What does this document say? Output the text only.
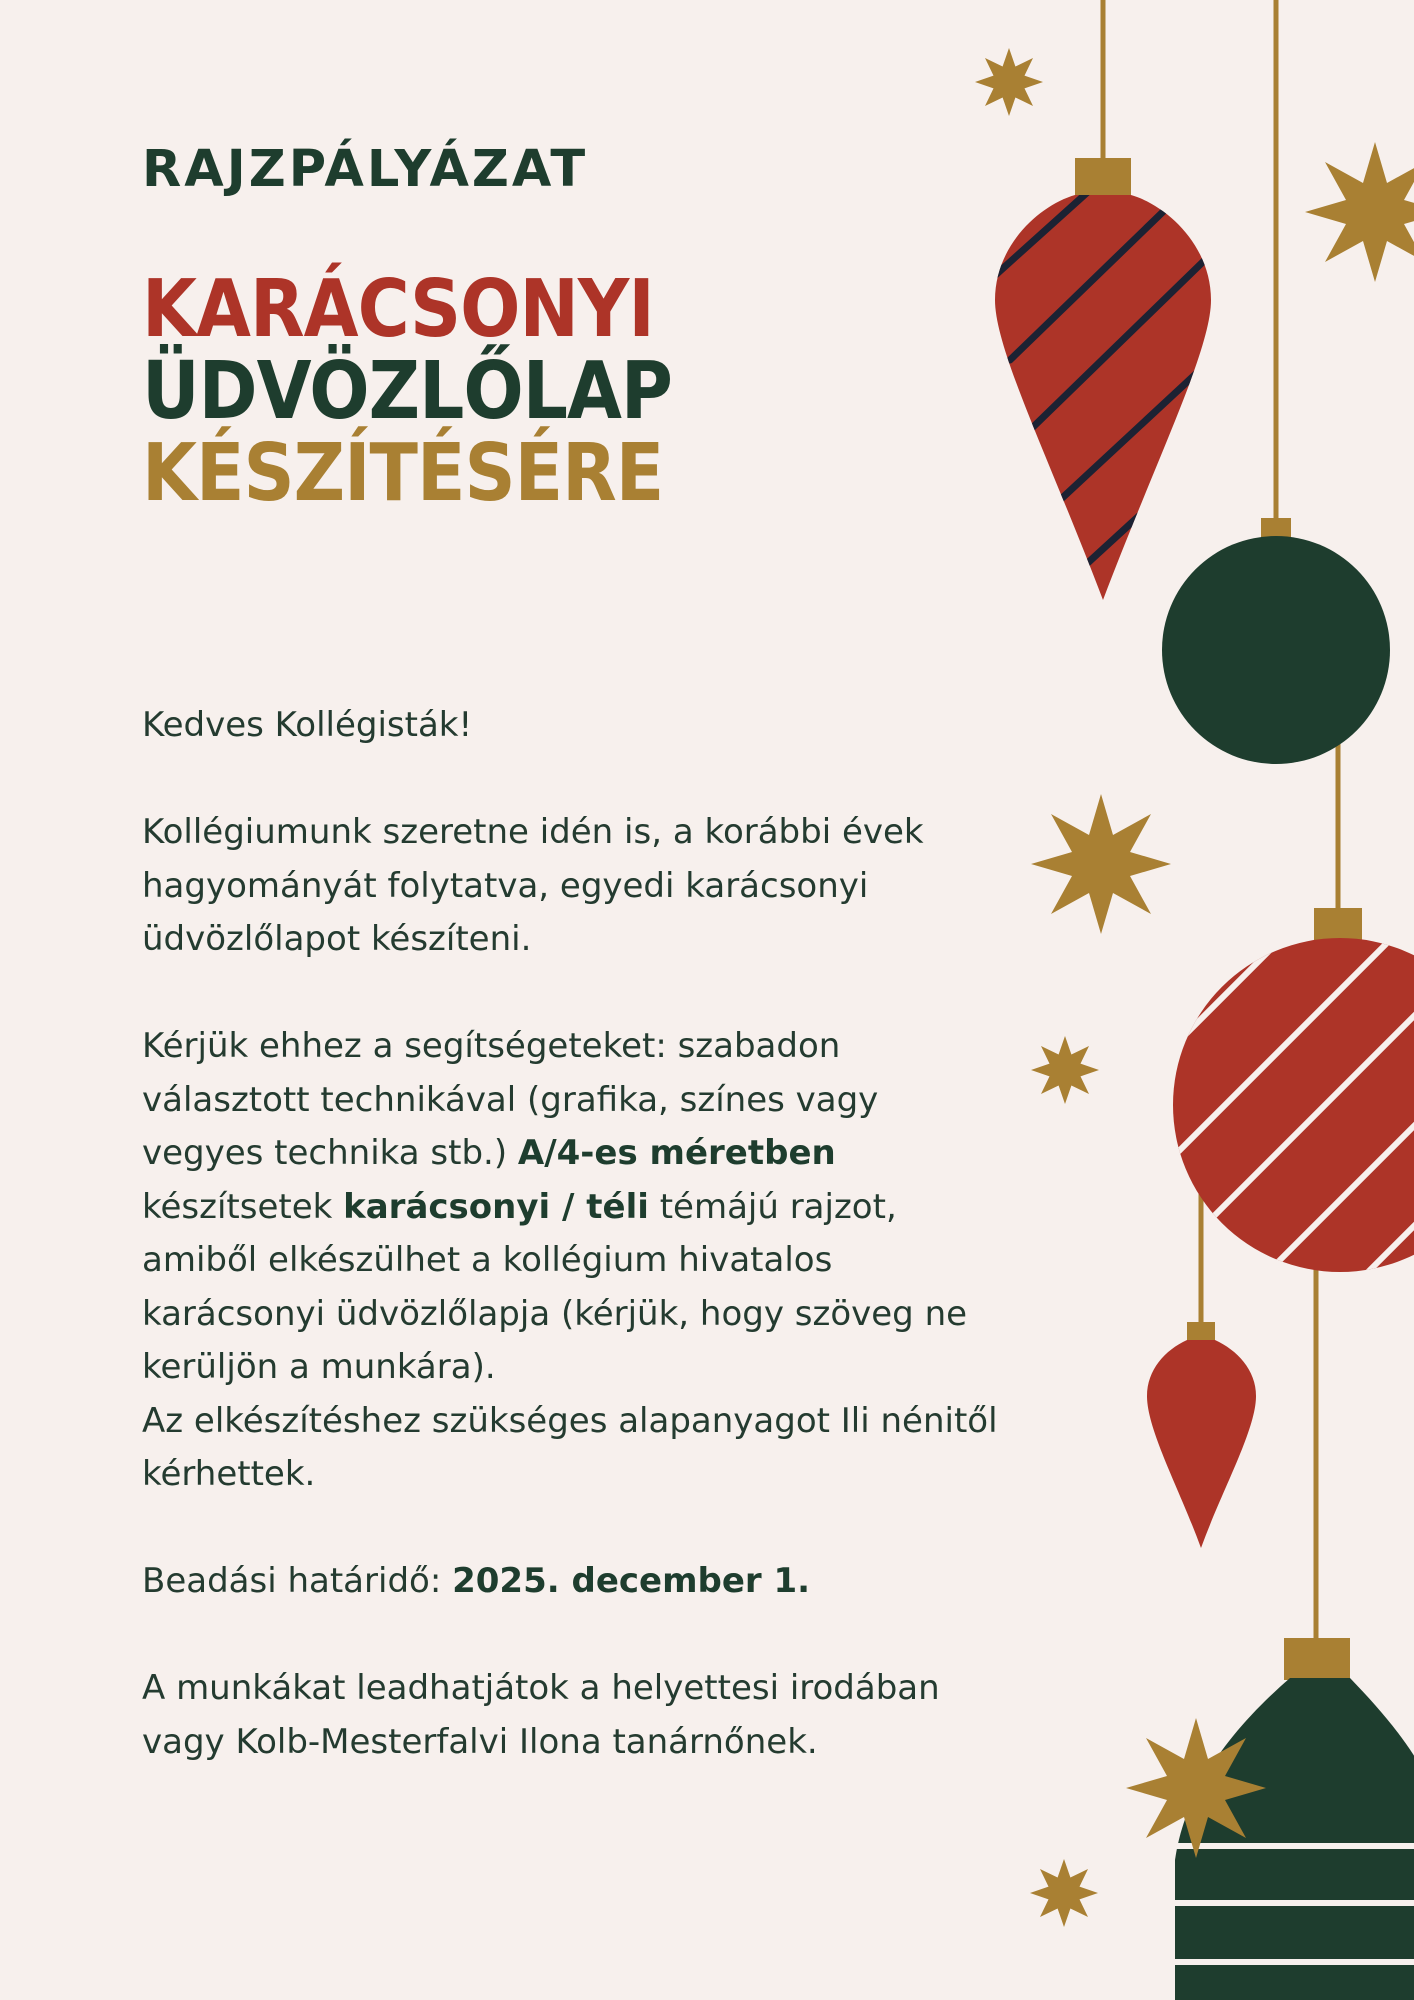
RAJZPÁLYÁZAT
KARÁCSONYI
ÜDVÖZLŐLAP
KÉSZÍTÉSÉRE

Kedves Kollégisták!

Kollégiumunk szeretne idén is, a korábbi évek hagyományát folytatva, egyedi karácsonyi üdvözlőlapot készíteni.

Kérjük ehhez a segítségeteket: szabadon választott technikával (grafika, színes vagy vegyes technika stb.) A/4-es méretben készítsetek karácsonyi / téli témájú rajzot, amiből elkészülhet a kollégium hivatalos karácsonyi üdvözlőlapja (kérjük, hogy szöveg ne kerüljön a munkára).

Az elkészítéshez szükséges alapanyagot Ili nénitől kérhettek.

Beadási határidő: 2025. december 1.

A munkákat leadhatjátok a helyettesi irodában vagy Kolb-Mesterfalvi Ilona tanárnőnek.
